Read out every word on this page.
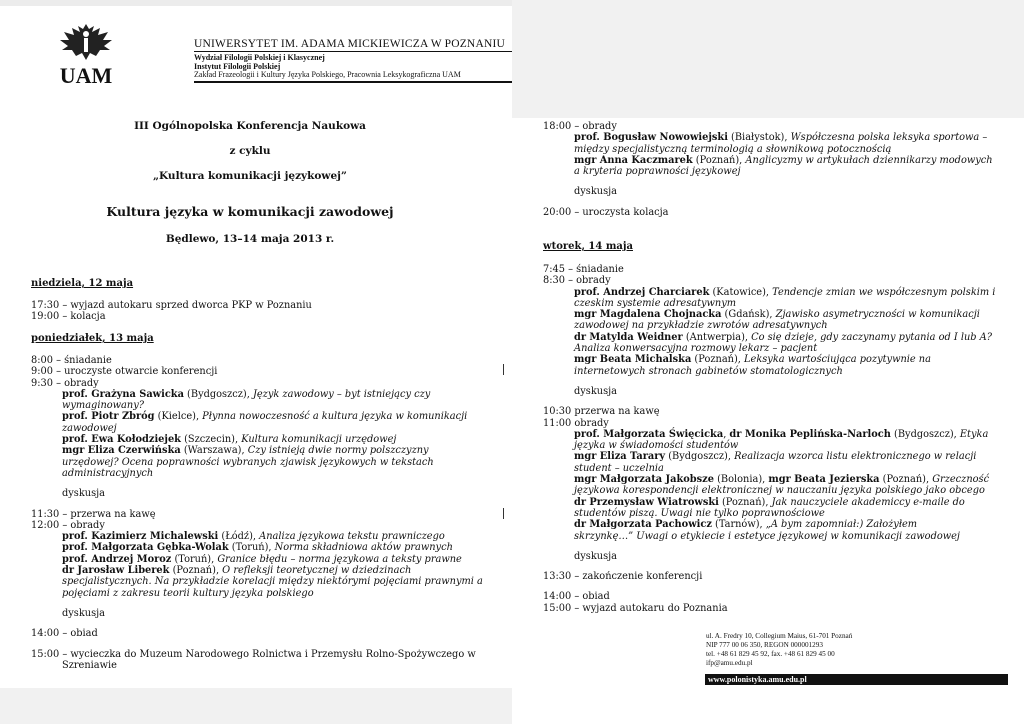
UAM
UNIWERSYTET IM. ADAMA MICKIEWICZA W POZNANIU
Wydział Filologii Polskiej i Klasycznej
Instytut Filologii Polskiej
Zakład Frazeologii i Kultury Języka Polskiego, Pracownia Leksykograficzna UAM
III Ogólnopolska Konferencja Naukowa
z cyklu
„Kultura komunikacji językowej”
Kultura języka w komunikacji zawodowej
Będlewo, 13–14 maja 2013 r.
niedziela, 12 maja
17:30 – wyjazd autokaru sprzed dworca PKP w Poznaniu
19:00 – kolacja
poniedziałek, 13 maja
8:00 – śniadanie
9:00 – uroczyste otwarcie konferencji
9:30 – obrady
prof. Grażyna Sawicka (Bydgoszcz), Język zawodowy – byt istniejący czy
wymaginowany?
prof. Piotr Zbróg (Kielce), Płynna nowoczesność a kultura języka w komunikacji
zawodowej
prof. Ewa Kołodziejek (Szczecin), Kultura komunikacji urzędowej
mgr Eliza Czerwińska (Warszawa), Czy istnieją dwie normy polszczyzny
urzędowej? Ocena poprawności wybranych zjawisk językowych w tekstach
administracyjnych
dyskusja
11:30 – przerwa na kawę
12:00 – obrady
prof. Kazimierz Michalewski (Łódź), Analiza językowa tekstu prawniczego
prof. Małgorzata Gębka-Wolak (Toruń), Norma składniowa aktów prawnych
prof. Andrzej Moroz (Toruń), Granice błędu – norma językowa a teksty prawne
dr Jarosław Liberek (Poznań), O refleksji teoretycznej w dziedzinach
specjalistycznych. Na przykładzie korelacji między niektórymi pojęciami prawnymi a
pojęciami z zakresu teorii kultury języka polskiego
dyskusja
14:00 – obiad
15:00 – wycieczka do Muzeum Narodowego Rolnictwa i Przemysłu Rolno-Spożywczego w
Szreniawie
18:00 – obrady
prof. Bogusław Nowowiejski (Białystok), Współczesna polska leksyka sportowa –
między specjalistyczną terminologią a słownikową potocznością
mgr Anna Kaczmarek (Poznań), Anglicyzmy w artykułach dziennikarzy modowych
a kryteria poprawności językowej
dyskusja
20:00 – uroczysta kolacja
wtorek, 14 maja
7:45 – śniadanie
8:30 – obrady
prof. Andrzej Charciarek (Katowice), Tendencje zmian we współczesnym polskim i
czeskim systemie adresatywnym
mgr Magdalena Chojnacka (Gdańsk), Zjawisko asymetryczności w komunikacji
zawodowej na przykładzie zwrotów adresatywnych
dr Matylda Weidner (Antwerpia), Co się dzieje, gdy zaczynamy pytania od I lub A?
Analiza konwersacyjna rozmowy lekarz – pacjent
mgr Beata Michalska (Poznań), Leksyka wartościująca pozytywnie na
internetowych stronach gabinetów stomatologicznych
dyskusja
10:30 przerwa na kawę
11:00 obrady
prof. Małgorzata Święcicka, dr Monika Peplińska-Narloch (Bydgoszcz), Etyka
języka w świadomości studentów
mgr Eliza Tarary (Bydgoszcz), Realizacja wzorca listu elektronicznego w relacji
student – uczelnia
mgr Małgorzata Jakobsze (Bolonia), mgr Beata Jezierska (Poznań), Grzeczność
językowa korespondencji elektronicznej w nauczaniu języka polskiego jako obcego
dr Przemysław Wiatrowski (Poznań), Jak nauczyciele akademiccy e-maile do
studentów piszą. Uwagi nie tylko poprawnościowe
dr Małgorzata Pachowicz (Tarnów), „A bym zapomniał:) Założyłem
skrzynkę…” Uwagi o etykiecie i estetyce językowej w komunikacji zawodowej
dyskusja
13:30 – zakończenie konferencji
14:00 – obiad
15:00 – wyjazd autokaru do Poznania
ul. A. Fredry 10, Collegium Maius, 61-701 Poznań
NIP 777 00 06 350, REGON 000001293
tel. +48 61 829 45 92, fax. +48 61 829 45 00
ifp@amu.edu.pl
www.polonistyka.amu.edu.pl
